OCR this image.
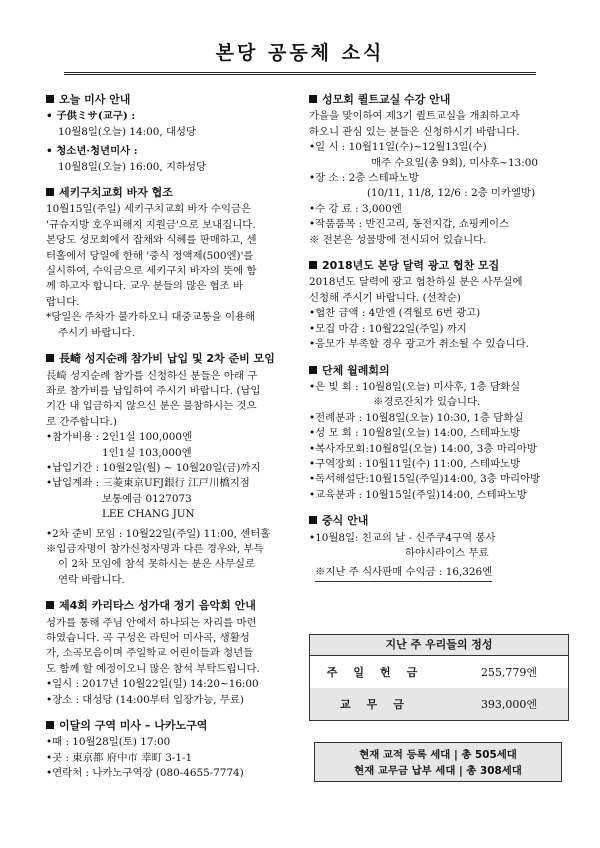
본당 공동체 소식
오늘 미사 안내

• 子供ミサ(교구) :

10월8일(오늘) 14:00, 대성당

• 청소년·청년미사 :

10월8일(오늘) 16:00, 지하성당

세키구치교회 바자 협조

10월15일(주일) 세키구치교회 바자 수익금은

'규슈지방 호우피해지 지원금'으로 보내집니다.

본당도 성모회에서 잡채와 식혜를 판매하고, 센

터홀에서 당일에 한해 '중식 정액제(500엔)'를

실시하여, 수익금으로 세키구치 바자의 뜻에 함

께 하고자 합니다. 교우 분들의 많은 협조 바

랍니다.

*당일은 주차가 불가하오니 대중교통을 이용해

주시기 바랍니다.

長崎 성지순례 참가비 납입 및 2차 준비 모임

長崎 성지순례 참가를 신청하신 분들은 아래 구

좌로 참가비를 납입하여 주시기 바랍니다. (납입

기간 내 입금하지 않으신 분은 불참하시는 것으

로 간주합니다.)

•참가비용 : 2인1실 100,000엔

1인1실 103,000엔

•납입기간 : 10월2일(월) ~ 10월20일(금)까지

•납입계좌 : 三菱東京UFJ銀行 江戸川橋지점

보통예금 0127073

LEE CHANG JUN

•2차 준비 모임 : 10월22일(주일) 11:00, 센터홀

※입금자명이 참가신청자명과 다른 경우와, 부득

이 2차 모임에 참석 못하시는 분은 사무실로

연락 바랍니다.

제4회 카리타스 성가대 정기 음악회 안내

성가를 통해 주님 안에서 하나되는 자리를 마련

하였습니다. 곡 구성은 라틴어 미사곡, 생활성

가, 소곡모음이며 주일학교 어린이들과 청년들

도 함께 할 예정이오니 많은 참석 부탁드립니다.

•일시 : 2017년 10월22일(일) 14:20~16:00

•장소 : 대성당 (14:00부터 입장가능, 무료)

이달의 구역 미사 – 나카노구역

•때 : 10월28일(토) 17:00

•곳 : 東京都 府中市 幸町 3-1-1

•연락처 : 나카노구역장 (080-4655-7774)

성모회 퀼트교실 수강 안내

가을을 맞이하여 제3기 퀼트교실을 개최하고자

하오니 관심 있는 분들은 신청하시기 바랍니다.

•일 시 : 10월11일(수)~12월13일(수)

매주 수요일(총 9회), 미사후~13:00

•장 소 : 2층 스테파노방

(10/11, 11/8, 12/6 : 2층 미카엘방)

•수 강 료 : 3,000엔

•작품품목 : 반진고리, 동전지갑, 쇼핑케이스

※ 전본은 성물방에 전시되어 있습니다.

2018년도 본당 달력 광고 협찬 모집

2018년도 달력에 광고 협찬하실 분은 사무실에

신청해 주시기 바랍니다. (선착순)

•협찬 금액 : 4만엔 (격월로 6번 광고)

•모집 마감 : 10월22일(주일) 까지

•응모가 부족할 경우 광고가 취소될 수 있습니다.

단체 월례회의

•은 빛 회 : 10월8일(오늘) 미사후, 1층 담화실

※경로잔치가 있습니다.

•전례분과 : 10월8일(오늘) 10:30, 1층 담화실

•성 모 회 : 10월8일(오늘) 14:00, 스테파노방

•복사자모회:10월8일(오늘) 14:00, 3층 마리아방

•구역장회 : 10월11일(수) 11:00, 스테파노방

•독서해설단:10월15일(주일)14:00, 3층 마리아방

•교육분과 : 10월15일(주일)14:00, 스테파노방

중식 안내

•10월8일: 친교의 날 - 신주쿠4구역 봉사

하야시라이스 무료

※지난 주 식사판매 수익금 : 16,326엔

지난 주 우리들의 정성
주일헌금	255,779엔
교무금	393,000엔
현재 교적 등록 세대 | 총 505세대
현재 교무금 납부 세대 | 총 308세대
